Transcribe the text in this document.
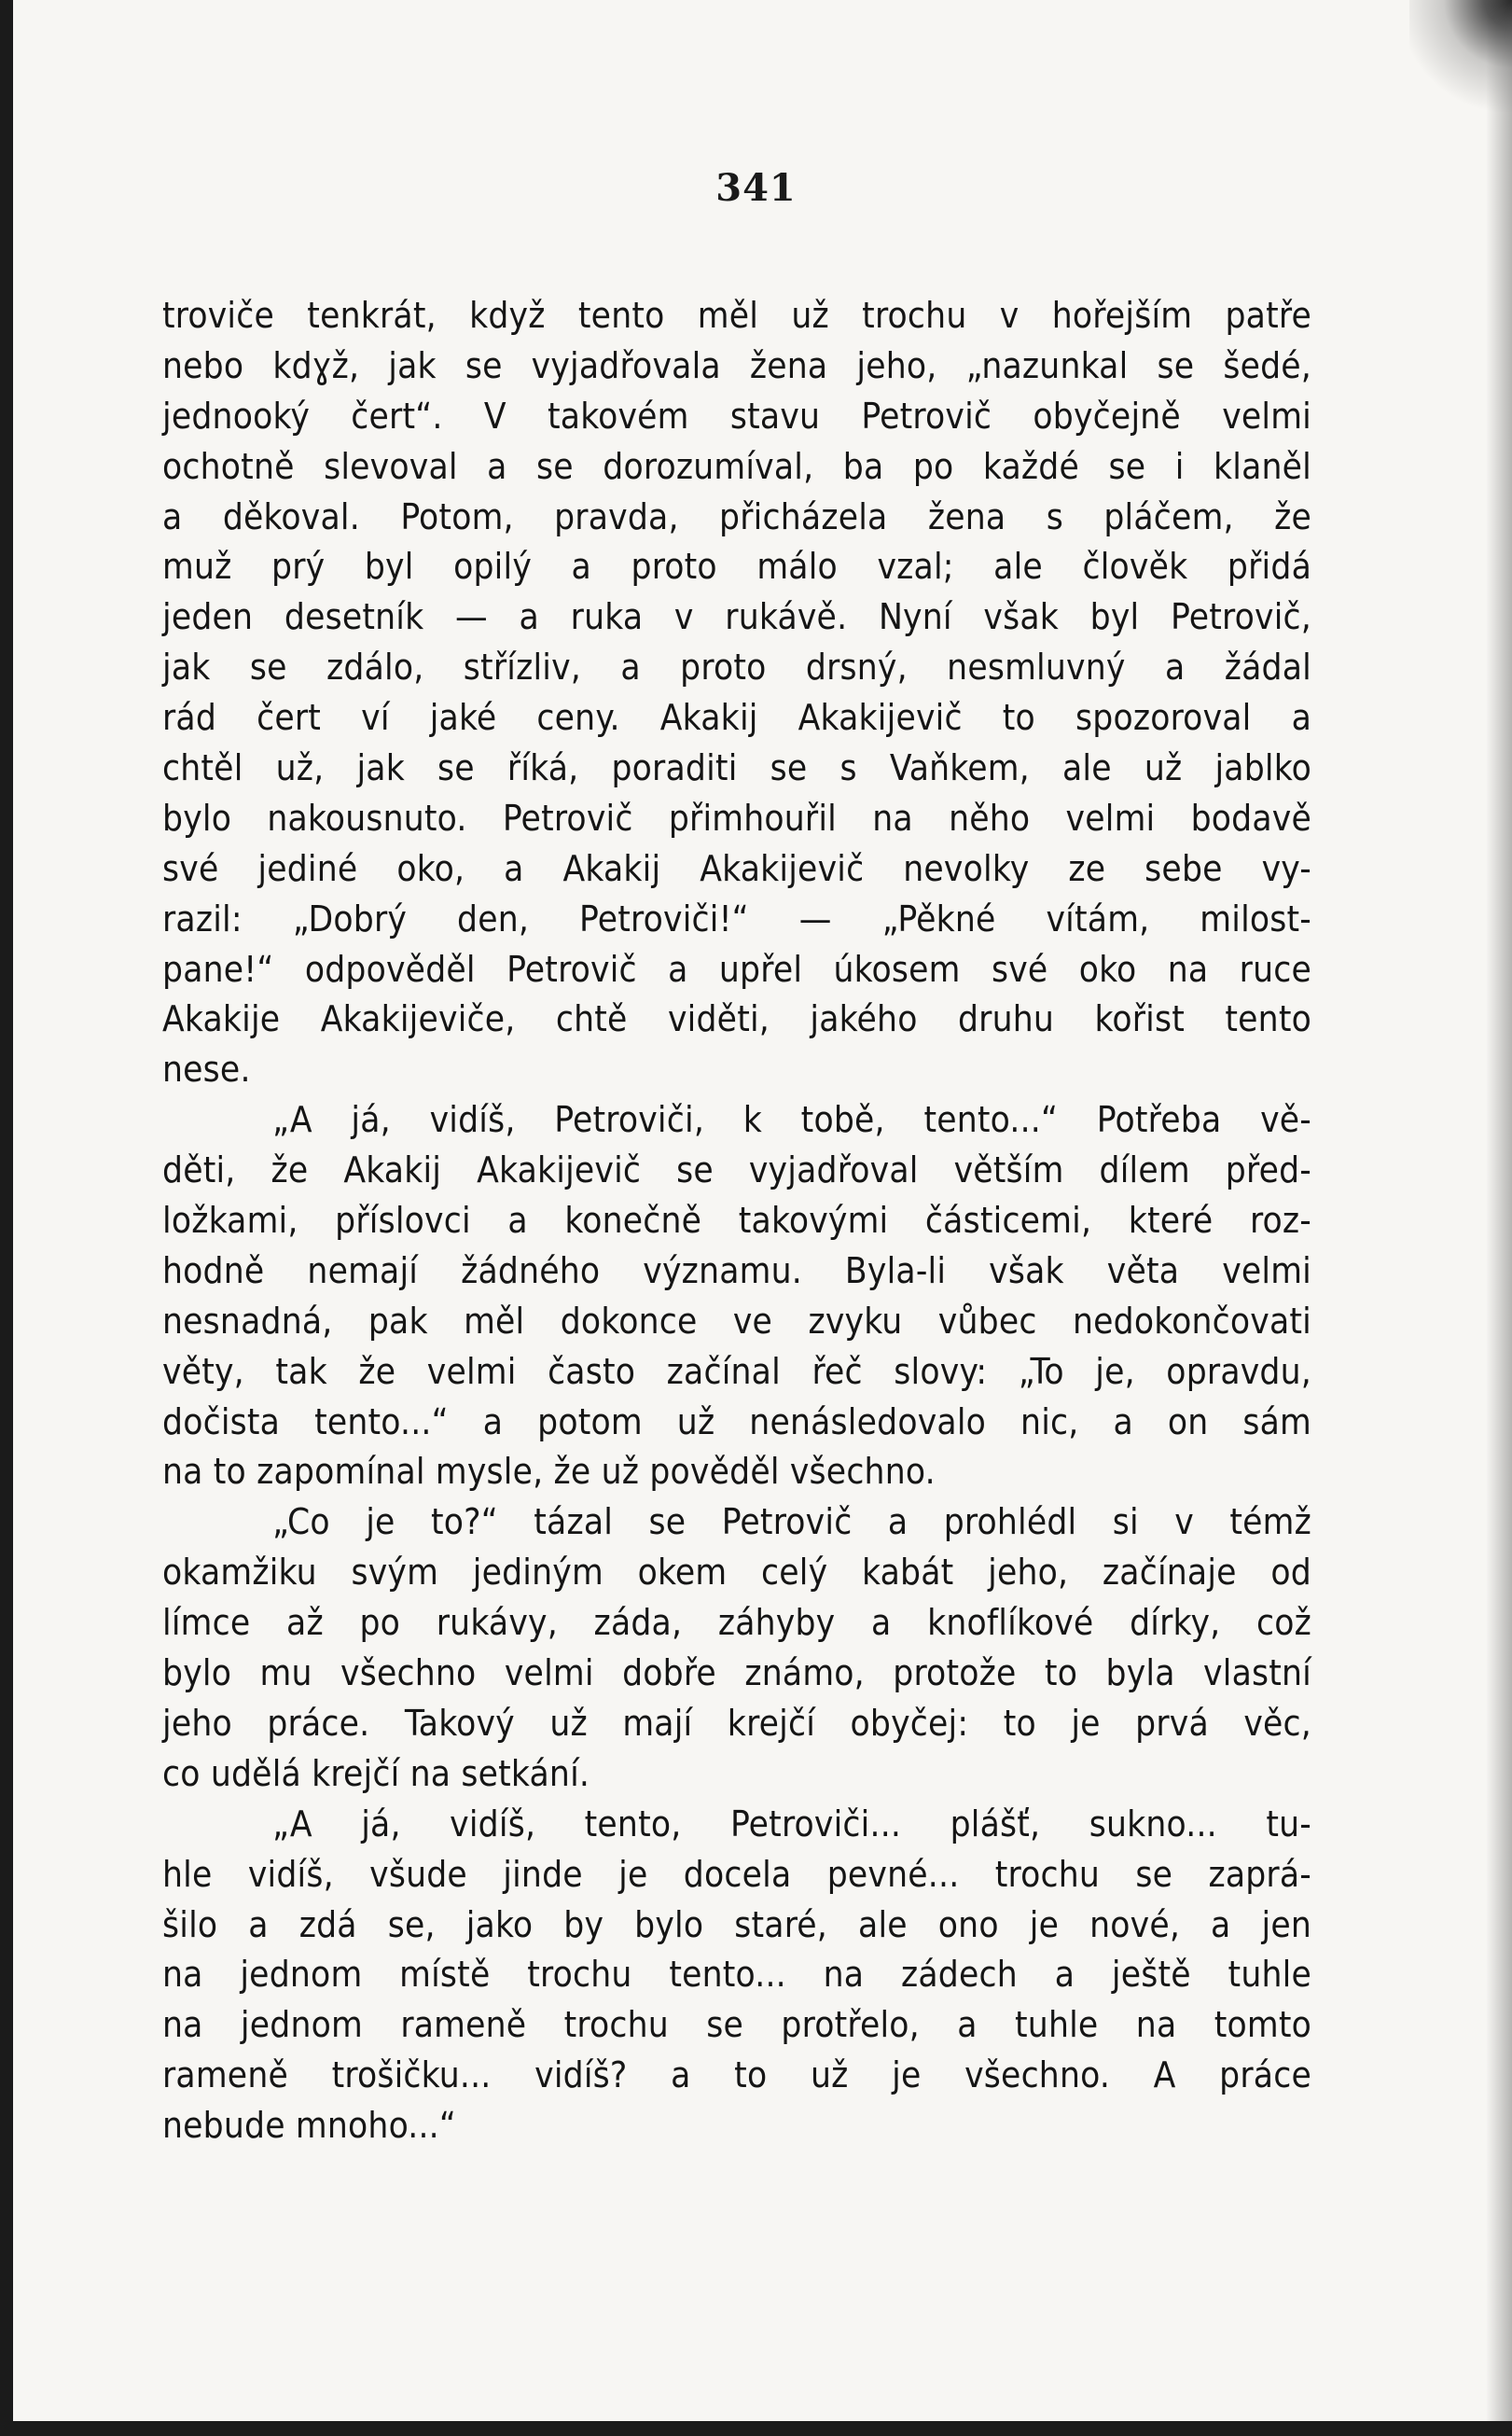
341
troviče tenkrát, když tento měl už trochu v hořejším patře
nebo kdɣž, jak se vyjadřovala žena jeho, „nazunkal se šedé,
jednooký čert“. V takovém stavu Petrovič obyčejně velmi
ochotně slevoval a se dorozumíval, ba po každé se i klaněl
a děkoval. Potom, pravda, přicházela žena s pláčem, že
muž prý byl opilý a proto málo vzal; ale člověk přidá
jeden desetník — a ruka v rukávě. Nyní však byl Petrovič,
jak se zdálo, střízliv, a proto drsný, nesmluvný a žádal
rád čert ví jaké ceny. Akakij Akakijevič to spozoroval a
chtěl už, jak se říká, poraditi se s Vaňkem, ale už jablko
bylo nakousnuto. Petrovič přimhouřil na něho velmi bodavě
své jediné oko, a Akakij Akakijevič nevolky ze sebe vy-
razil: „Dobrý den, Petroviči!“ — „Pěkné vítám, milost-
pane!“ odpověděl Petrovič a upřel úkosem své oko na ruce
Akakije Akakijeviče, chtě viděti, jakého druhu kořist tento
nese.
„A já, vidíš, Petroviči, k tobě, tento...“ Potřeba vě-
děti, že Akakij Akakijevič se vyjadřoval větším dílem před-
ložkami, příslovci a konečně takovými částicemi, které roz-
hodně nemají žádného významu. Byla-li však věta velmi
nesnadná, pak měl dokonce ve zvyku vůbec nedokončovati
věty, tak že velmi často začínal řeč slovy: „To je, opravdu,
dočista tento...“ a potom už nenásledovalo nic, a on sám
na to zapomínal mysle, že už pověděl všechno.
„Co je to?“ tázal se Petrovič a prohlédl si v témž
okamžiku svým jediným okem celý kabát jeho, začínaje od
límce až po rukávy, záda, záhyby a knoflíkové dírky, což
bylo mu všechno velmi dobře známo, protože to byla vlastní
jeho práce. Takový už mají krejčí obyčej: to je prvá věc,
co udělá krejčí na setkání.
„A já, vidíš, tento, Petroviči... plášť, sukno... tu-
hle vidíš, všude jinde je docela pevné... trochu se zaprá-
šilo a zdá se, jako by bylo staré, ale ono je nové, a jen
na jednom místě trochu tento... na zádech a ještě tuhle
na jednom rameně trochu se protřelo, a tuhle na tomto
rameně trošičku... vidíš? a to už je všechno. A práce
nebude mnoho...“
